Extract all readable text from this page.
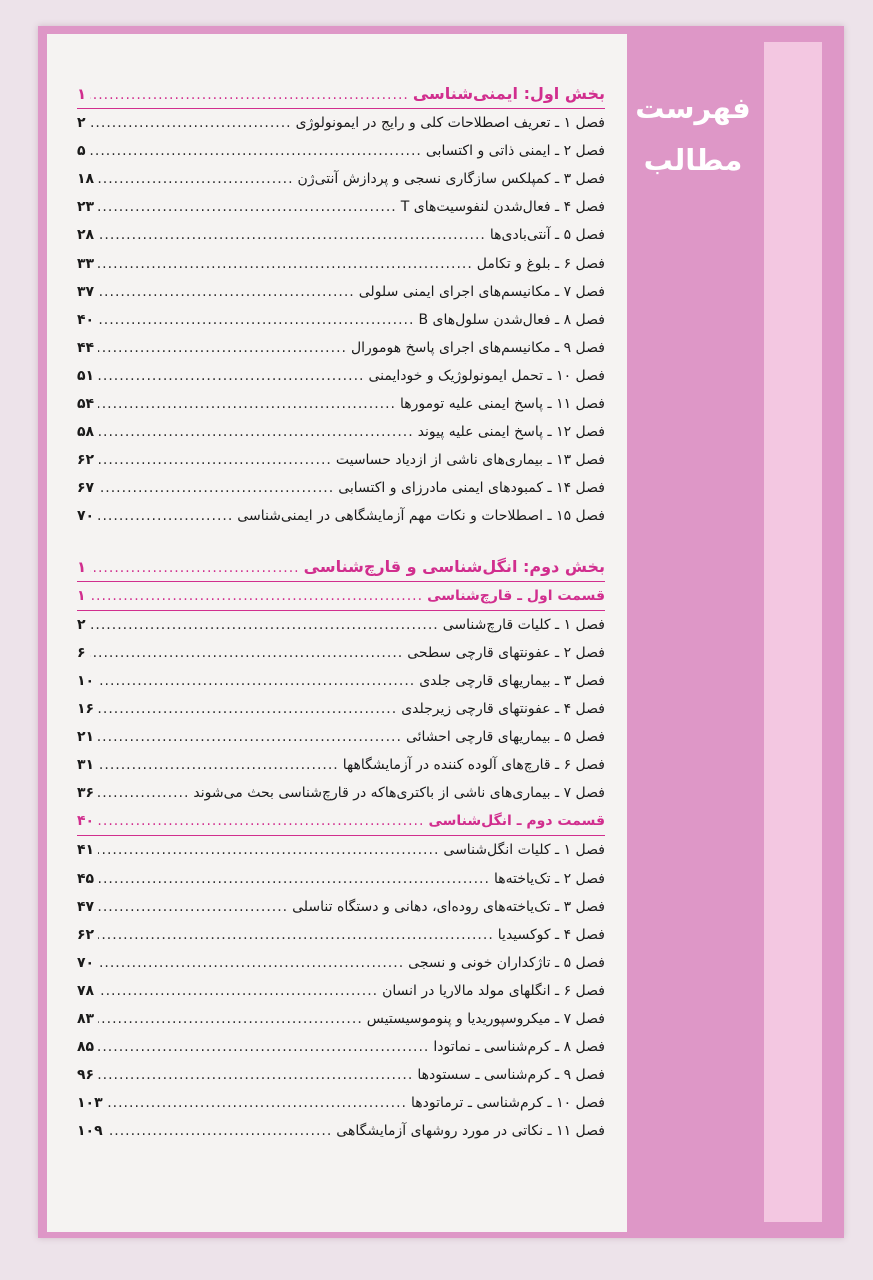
فهرست
مطالب
بخش اول: ایمنی‌شناسی
.....
۱
فصل ۱ ـ تعریف اصطلاحات کلی و رایج در ایمونولوژی
.....
۲
فصل ۲ ـ ایمنی ذاتی و اکتسابی
.....
۵
فصل ۳ ـ کمپلکس سازگاری نسجی و پردازش آنتی‌ژن
.....
۱۸
فصل ۴ ـ فعال‌شدن لنفوسیت‌های T
.....
۲۳
فصل ۵ ـ آنتی‌بادی‌ها
.....
۲۸
فصل ۶ ـ بلوغ و تکامل
.....
۳۳
فصل ۷ ـ مکانیسم‌های اجرای ایمنی سلولی
.....
۳۷
فصل ۸ ـ فعال‌شدن سلول‌های B
.....
۴۰
فصل ۹ ـ مکانیسم‌های اجرای پاسخ هومورال
.....
۴۴
فصل ۱۰ ـ تحمل ایمونولوژیک و خودایمنی
.....
۵۱
فصل ۱۱ ـ پاسخ ایمنی علیه تومورها
.....
۵۴
فصل ۱۲ ـ پاسخ ایمنی علیه پیوند
.....
۵۸
فصل ۱۳ ـ بیماری‌های ناشی از ازدیاد حساسیت
.....
۶۲
فصل ۱۴ ـ کمبودهای ایمنی مادرزای و اکتسابی
.....
۶۷
فصل ۱۵ ـ اصطلاحات و نکات مهم آزمایشگاهی در ایمنی‌شناسی
.....
۷۰
بخش دوم: انگل‌شناسی و قارچ‌شناسی
.....
۱
قسمت اول ـ قارچ‌شناسی
.....
۱
فصل ۱ ـ کلیات قارچ‌شناسی
.....
۲
فصل ۲ ـ عفونتهای قارچی سطحی
.....
۶
فصل ۳ ـ بیماریهای قارچی جلدی
.....
۱۰
فصل ۴ ـ عفونتهای قارچی زیرجلدی
.....
۱۶
فصل ۵ ـ بیماریهای قارچی احشائی
.....
۲۱
فصل ۶ ـ قارچ‌های آلوده کننده در آزمایشگاهها
.....
۳۱
فصل ۷ ـ بیماری‌های ناشی از باکتری‌هاکه در قارچ‌شناسی بحث می‌شوند
.....
۳۶
قسمت دوم ـ انگل‌شناسی
.....
۴۰
فصل ۱ ـ کلیات انگل‌شناسی
.....
۴۱
فصل ۲ ـ تک‌یاخته‌ها
.....
۴۵
فصل ۳ ـ تک‌یاخته‌های روده‌ای، دهانی و دستگاه تناسلی
.....
۴۷
فصل ۴ ـ کوکسیدیا
.....
۶۲
فصل ۵ ـ تاژکداران خونی و نسجی
.....
۷۰
فصل ۶ ـ انگلهای مولد مالاریا در انسان
.....
۷۸
فصل ۷ ـ میکروسپوریدیا و پنوموسیستیس
.....
۸۳
فصل ۸ ـ کرم‌شناسی ـ نماتودا
.....
۸۵
فصل ۹ ـ کرم‌شناسی ـ سستودها
.....
۹۶
فصل ۱۰ ـ کرم‌شناسی ـ ترماتودها
.....
۱۰۳
فصل ۱۱ ـ نکاتی در مورد روشهای آزمایشگاهی
.....
۱۰۹
